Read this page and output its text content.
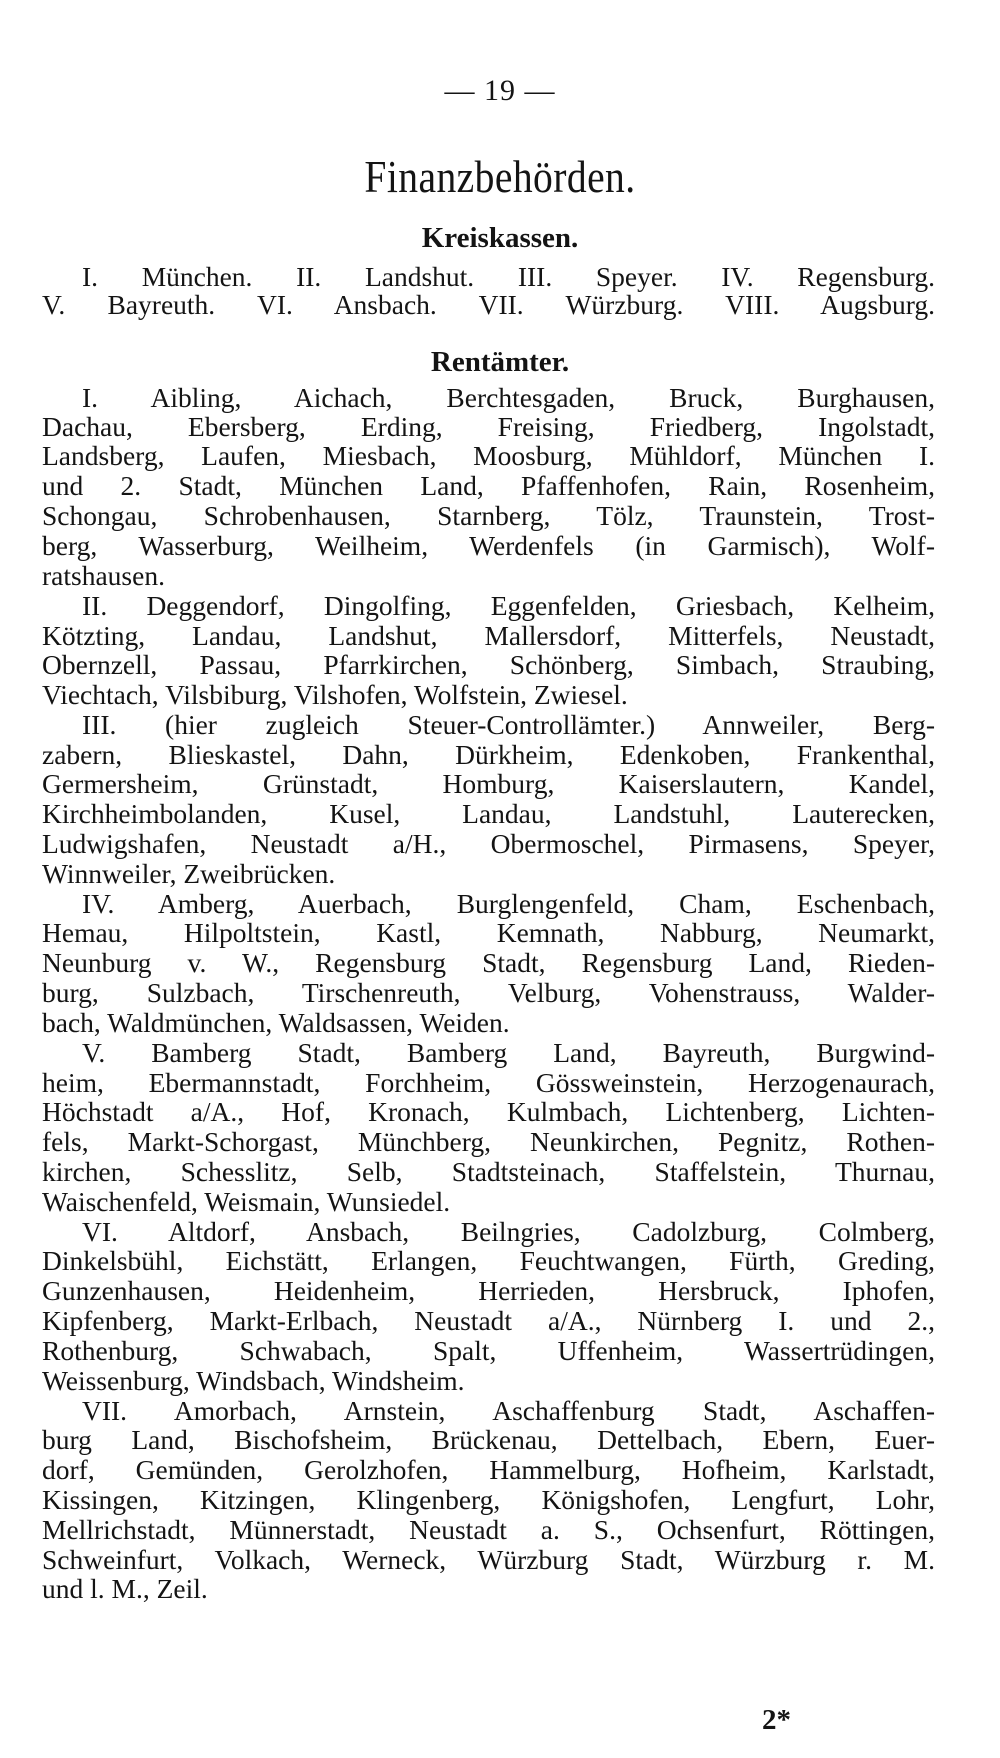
— 19 —
Finanzbehörden.
Kreiskassen.
I. München. II. Landshut. III. Speyer. IV. Regensburg.
V. Bayreuth. VI. Ansbach. VII. Würzburg. VIII. Augsburg.
Rentämter.
I. Aibling, Aichach, Berchtesgaden, Bruck, Burghausen,
Dachau, Ebersberg, Erding, Freising, Friedberg, Ingolstadt,
Landsberg, Laufen, Miesbach, Moosburg, Mühldorf, München I.
und 2. Stadt, München Land, Pfaffenhofen, Rain, Rosenheim,
Schongau, Schrobenhausen, Starnberg, Tölz, Traunstein, Trost-
berg, Wasserburg, Weilheim, Werdenfels (in Garmisch), Wolf-
ratshausen.
II. Deggendorf, Dingolfing, Eggenfelden, Griesbach, Kelheim,
Kötzting, Landau, Landshut, Mallersdorf, Mitterfels, Neustadt,
Obernzell, Passau, Pfarrkirchen, Schönberg, Simbach, Straubing,
Viechtach, Vilsbiburg, Vilshofen, Wolfstein, Zwiesel.
III. (hier zugleich Steuer-Controllämter.) Annweiler, Berg-
zabern, Blieskastel, Dahn, Dürkheim, Edenkoben, Frankenthal,
Germersheim, Grünstadt, Homburg, Kaiserslautern, Kandel,
Kirchheimbolanden, Kusel, Landau, Landstuhl, Lauterecken,
Ludwigshafen, Neustadt a/H., Obermoschel, Pirmasens, Speyer,
Winnweiler, Zweibrücken.
IV. Amberg, Auerbach, Burglengenfeld, Cham, Eschenbach,
Hemau, Hilpoltstein, Kastl, Kemnath, Nabburg, Neumarkt,
Neunburg v. W., Regensburg Stadt, Regensburg Land, Rieden-
burg, Sulzbach, Tirschenreuth, Velburg, Vohenstrauss, Walder-
bach, Waldmünchen, Waldsassen, Weiden.
V. Bamberg Stadt, Bamberg Land, Bayreuth, Burgwind-
heim, Ebermannstadt, Forchheim, Gössweinstein, Herzogenaurach,
Höchstadt a/A., Hof, Kronach, Kulmbach, Lichtenberg, Lichten-
fels, Markt-Schorgast, Münchberg, Neunkirchen, Pegnitz, Rothen-
kirchen, Schesslitz, Selb, Stadtsteinach, Staffelstein, Thurnau,
Waischenfeld, Weismain, Wunsiedel.
VI. Altdorf, Ansbach, Beilngries, Cadolzburg, Colmberg,
Dinkelsbühl, Eichstätt, Erlangen, Feuchtwangen, Fürth, Greding,
Gunzenhausen, Heidenheim, Herrieden, Hersbruck, Iphofen,
Kipfenberg, Markt-Erlbach, Neustadt a/A., Nürnberg I. und 2.,
Rothenburg, Schwabach, Spalt, Uffenheim, Wassertrüdingen,
Weissenburg, Windsbach, Windsheim.
VII. Amorbach, Arnstein, Aschaffenburg Stadt, Aschaffen-
burg Land, Bischofsheim, Brückenau, Dettelbach, Ebern, Euer-
dorf, Gemünden, Gerolzhofen, Hammelburg, Hofheim, Karlstadt,
Kissingen, Kitzingen, Klingenberg, Königshofen, Lengfurt, Lohr,
Mellrichstadt, Münnerstadt, Neustadt a. S., Ochsenfurt, Röttingen,
Schweinfurt, Volkach, Werneck, Würzburg Stadt, Würzburg r. M.
und l. M., Zeil.
2*
